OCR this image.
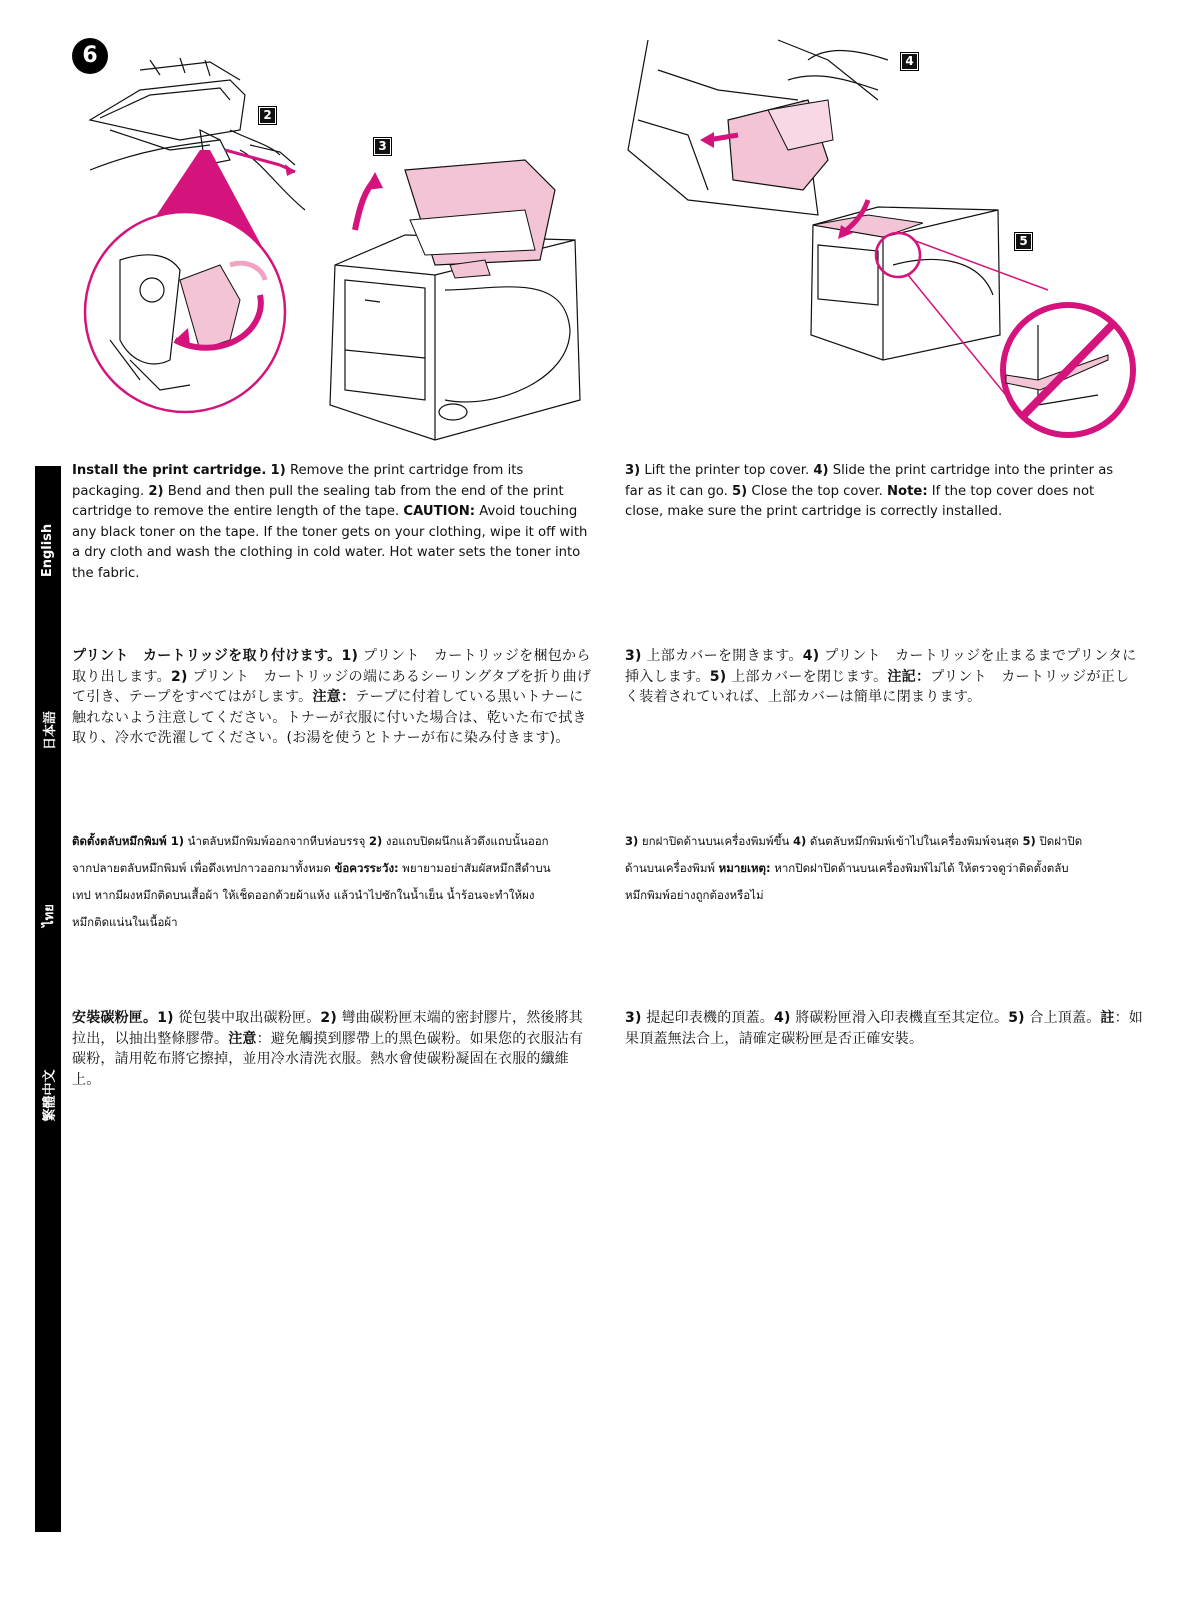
6
2
3
4
5
English
日本語
ไทย
繁體中文

Install the print cartridge. 1) Remove the print cartridge from its packaging. 2) Bend and then pull the sealing tab from the end of the print cartridge to remove the entire length of the tape. CAUTION: Avoid touching any black toner on the tape. If the toner gets on your clothing, wipe it off with a dry cloth and wash the clothing in cold water. Hot water sets the toner into the fabric.

3) Lift the printer top cover. 4) Slide the print cartridge into the printer as far as it can go. 5) Close the top cover. Note: If the top cover does not close, make sure the print cartridge is correctly installed.

プリント　カートリッジを取り付けます。1) プリント　カートリッジを梱包から取り出します。2) プリント　カートリッジの端にあるシーリングタブを折り曲げて引き、テープをすべてはがします。注意：テープに付着している黒いトナーに触れないよう注意してください。トナーが衣服に付いた場合は、乾いた布で拭き取り、冷水で洗濯してください。(お湯を使うとトナーが布に染み付きます)。

3) 上部カバーを開きます。4) プリント　カートリッジを止まるまでプリンタに挿入します。5) 上部カバーを閉じます。注記：プリント　カートリッジが正しく装着されていれば、上部カバーは簡単に閉まります。

ติดตั้งตลับหมึกพิมพ์ 1) นำตลับหมึกพิมพ์ออกจากหีบห่อบรรจุ 2) งอแถบปิดผนึกแล้วดึงแถบนั้นออกจากปลายตลับหมึกพิมพ์ เพื่อดึงเทปกาวออกมาทั้งหมด ข้อควรระวัง: พยายามอย่าสัมผัสหมึกสีดำบนเทป หากมีผงหมึกติดบนเสื้อผ้า ให้เช็ดออกด้วยผ้าแห้ง แล้วนำไปซักในน้ำเย็น น้ำร้อนจะทำให้ผงหมึกติดแน่นในเนื้อผ้า

3) ยกฝาปิดด้านบนเครื่องพิมพ์ขึ้น 4) ดันตลับหมึกพิมพ์เข้าไปในเครื่องพิมพ์จนสุด 5) ปิดฝาปิดด้านบนเครื่องพิมพ์ หมายเหตุ: หากปิดฝาปิดด้านบนเครื่องพิมพ์ไม่ได้ ให้ตรวจดูว่าติดตั้งตลับหมึกพิมพ์อย่างถูกต้องหรือไม่

安裝碳粉匣。1) 從包裝中取出碳粉匣。2) 彎曲碳粉匣末端的密封膠片，然後將其拉出，以抽出整條膠帶。注意：避免觸摸到膠帶上的黑色碳粉。如果您的衣服沾有碳粉，請用乾布將它擦掉，並用冷水清洗衣服。熱水會使碳粉凝固在衣服的纖維上。

3) 提起印表機的頂蓋。4) 將碳粉匣滑入印表機直至其定位。5) 合上頂蓋。註：如果頂蓋無法合上，請確定碳粉匣是否正確安裝。
